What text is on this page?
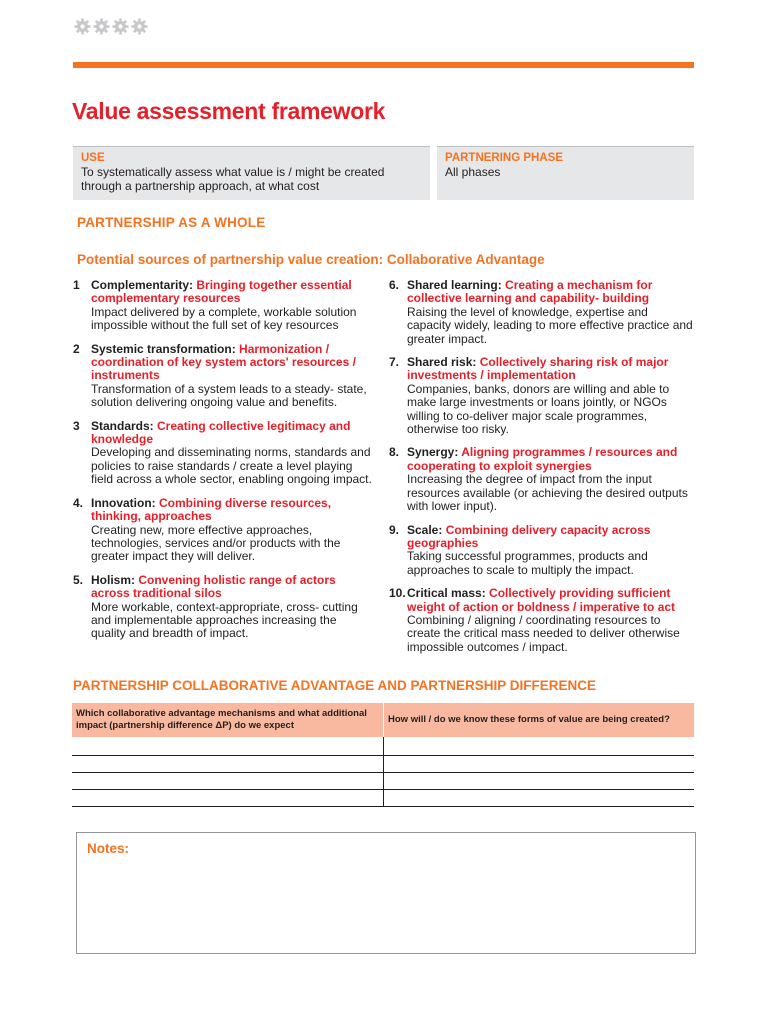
Value assessment framework
USE
To systematically assess what value is / might be created through a partnership approach, at what cost
PARTNERING PHASE
All phases
PARTNERSHIP AS A WHOLE
Potential sources of partnership value creation: Collaborative Advantage
1 Complementarity: Bringing together essential complementary resources
Impact delivered by a complete, workable solution impossible without the full set of key resources
2 Systemic transformation: Harmonization / coordination of key system actors' resources / instruments
Transformation of a system leads to a steady- state, solution delivering ongoing value and benefits.
3 Standards: Creating collective legitimacy and knowledge
Developing and disseminating norms, standards and policies to raise standards / create a level playing field across a whole sector, enabling ongoing impact.
4. Innovation: Combining diverse resources, thinking, approaches
Creating new, more effective approaches, technologies, services and/or products with the greater impact they will deliver.
5. Holism: Convening holistic range of actors across traditional silos
More workable, context-appropriate, cross- cutting and implementable approaches increasing the quality and breadth of impact.
6. Shared learning: Creating a mechanism for collective learning and capability- building
Raising the level of knowledge, expertise and capacity widely, leading to more effective practice and greater impact.
7. Shared risk: Collectively sharing risk of major investments / implementation
Companies, banks, donors are willing and able to make large investments or loans jointly, or NGOs willing to co-deliver major scale programmes, otherwise too risky.
8. Synergy: Aligning programmes / resources and cooperating to exploit synergies
Increasing the degree of impact from the input resources available (or achieving the desired outputs with lower input).
9. Scale: Combining delivery capacity across geographies
Taking successful programmes, products and approaches to scale to multiply the impact.
10. Critical mass: Collectively providing sufficient weight of action or boldness / imperative to act
Combining / aligning / coordinating resources to create the critical mass needed to deliver otherwise impossible outcomes / impact.
PARTNERSHIP COLLABORATIVE ADVANTAGE AND PARTNERSHIP DIFFERENCE
Which collaborative advantage mechanisms and what additional impact (partnership difference ΔP) do we expect	How will / do we know these forms of value are being created?

Notes:
